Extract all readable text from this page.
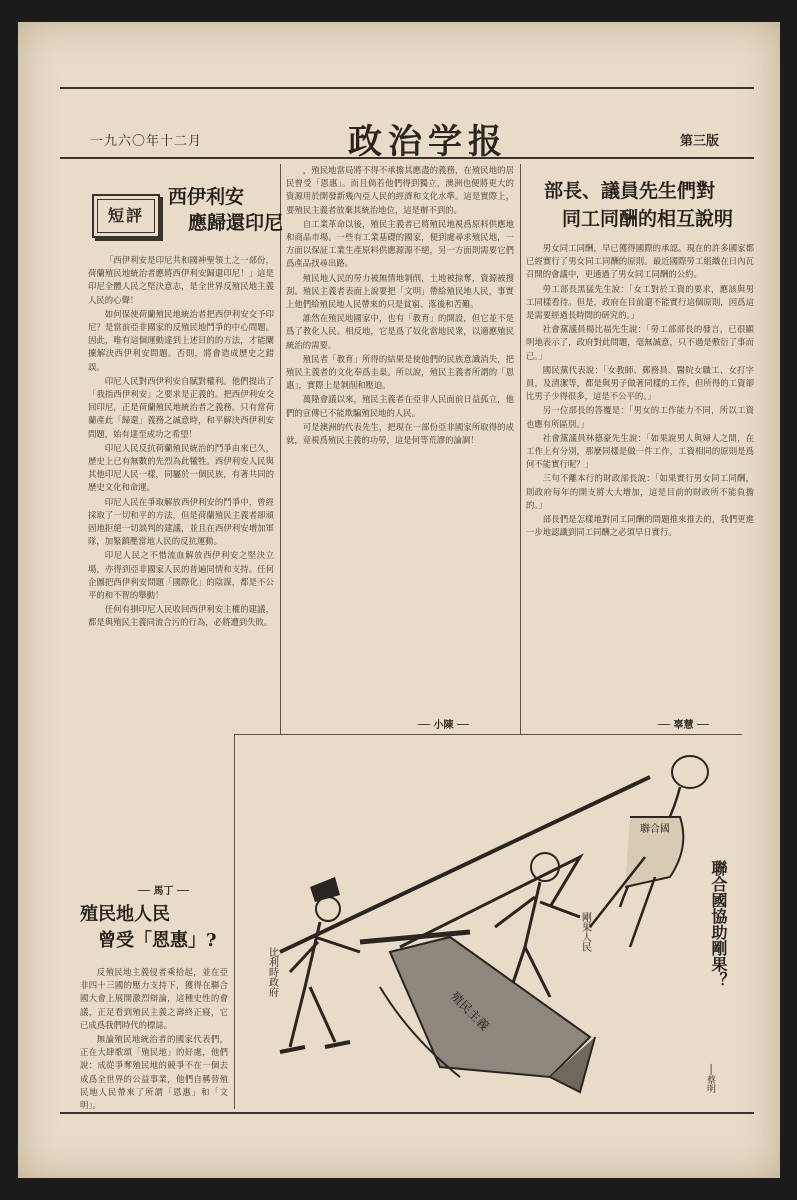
一九六〇年十二月	政治学报	第三版
短評
西伊利安
應歸還印尼

「西伊利安是印尼共和國神聖領土之一部份，荷蘭殖民地統治者應將西伊利安歸還印尼！」這是印尼全體人民之堅決意志，是全世界反殖民地主義人民的心聲！

如何保使荷蘭殖民地統治者把西伊利安交予印尼？是當前亞非國家的反殖民地鬥爭的中心問題。因此，唯有這個運動達到上述目的的方法，才能闡擴解決西伊利安問題。否則，將會造成歷史之錯誤。

印尼人民對西伊利安自賦對權利。他們提出了「我指西伊利安」之要求是正義的。把西伊利安交回印尼，正是荷蘭殖民地統治者之義務。只有當荷蘭產此「歸還」義務之誠意時，和平解決西伊利安問題，始有達至成功之希望！

印尼人民反抗荷蘭殖民統治的鬥爭由來已久，歷史上已有無數的先烈為此犧牲。西伊利安人民與其他印尼人民一樣，同屬於一個民族，有著共同的歷史文化和命運。

印尼人民在爭取解放西伊利安的鬥爭中，曾經採取了一切和平的方法，但是荷蘭殖民主義者卻頑固地拒絕一切談判的建議，並且在西伊利安增加軍隊，加緊鎮壓當地人民的反抗運動。

印尼人民之不惜流血解放西伊利安之堅決立場，亦得到亞非國家人民的普遍同情和支持。任何企圖把西伊利安問題「國際化」的陰謀，都是不公平的和不智的舉動！

任何有損印尼人民收回西伊利安主權的建議，都是與殖民主義同流合污的行為，必將遭到失敗。

── 馬丁 ──
殖民地人民
曾受「恩惠」?

反殖民地主義侵者乘拾起，並在亞非四十三國的壓力支持下，獲得在聯合國大會上展開激烈辯論，這種史性的會議，正足看到殖民主義之壽終正寢，它已成爲我們時代的標誌。

無論殖民地統治者的國家代表們，正在大肆歌頌「殖民地」的好處，他們說：成從爭奪殖民地的競爭不在一個去成爲全世界的公益事業，他們自稱替殖民地人民帶來了所謂「恩惠」和「文明」。

，殖民地當局將不得不承擔其應盡的義務，在殖民地的居民曾受「恩惠」。而且倘若他們得到獨立，澳洲也便將更大的資源用於開發新幾內亞人民的經濟和文化水準。這是實際上，要殖民主義者放棄其統治地位，這是辦不到的。

自工業革命以後，殖民主義者已將殖民地視爲原料供應地和商品市場。一些有工業基礎的國家，便到處尋求殖民地，一方面以保証工業生產原料供應源源不絕，另一方面則需要它們爲產品找尋出路。

殖民地人民的勞力被無情地剝削，土地被掠奪，資源被搜刮。殖民主義者表面上說要把「文明」帶給殖民地人民，事實上他們給殖民地人民帶來的只是貧窮、落後和苦難。

誰然在殖民地國家中，也有「教育」的開設，但它並不是爲了教化人民。相反地，它是爲了奴化當地民衆，以適應殖民統治的需要。

殖民者「教育」所得的結果是使他們的民族意識消失，把殖民主義者的文化奉爲圭臬。所以說，殖民主義者所謂的「恩惠」，實際上是剝削和壓迫。

萬隆會議以來，殖民主義者在亞非人民面前日益孤立，他們的宣傳已不能欺騙殖民地的人民。

可是澳洲的代表先生，把現在一部份亞非國家所取得的成就，竟視爲殖民主義的功勞，這是何等荒謬的論調！

── 小陳 ──
部長、議員先生們對
同工同酬的相互說明

男女同工同酬，早已獲得國際的承認。現在的許多國家都已經實行了男女同工同酬的原則。最近國際勞工組織在日內瓦召開的會議中，更通過了男女同工同酬的公約。

勞工部長黑猛先生說：「女工對於工資的要求，應該與男工同樣看待。但是，政府在目前還不能實行這個原則，因爲這是需要經過長時間的研究的。」

社會黨議員楊比福先生說：「勞工部部長的發言，已很顯明地表示了，政府對此問題，毫無誠意，只不過是敷衍了事而已。」

國民黨代表說：「女教師、郵務員、醫院女職工、女打字員，及清潔等，都是與男子做著同樣的工作，但所得的工資卻比男子少得很多，這是不公平的。」

另一位部長的答覆是：「男女的工作能力不同，所以工資也應有所區別。」

社會黨議員林德豪先生說：「如果說男人與婦人之間，在工作上有分別，那麼同樣是做一件工作，工資相同的原則是爲何不能實行呢？」

三句不離本行的財政部長說：「如果實行男女同工同酬，則政府每年的開支將大大增加，這是目前的財政所不能負擔的。」

部長們是怎樣地對同工同酬的問題推來推去的，我們更進一步地認識到同工同酬之必須早日實行。

── 辜慧 ──
殖民主義
聯合國
剛果人民
比利時政府	聯合國協助剛果？
──蔡明
